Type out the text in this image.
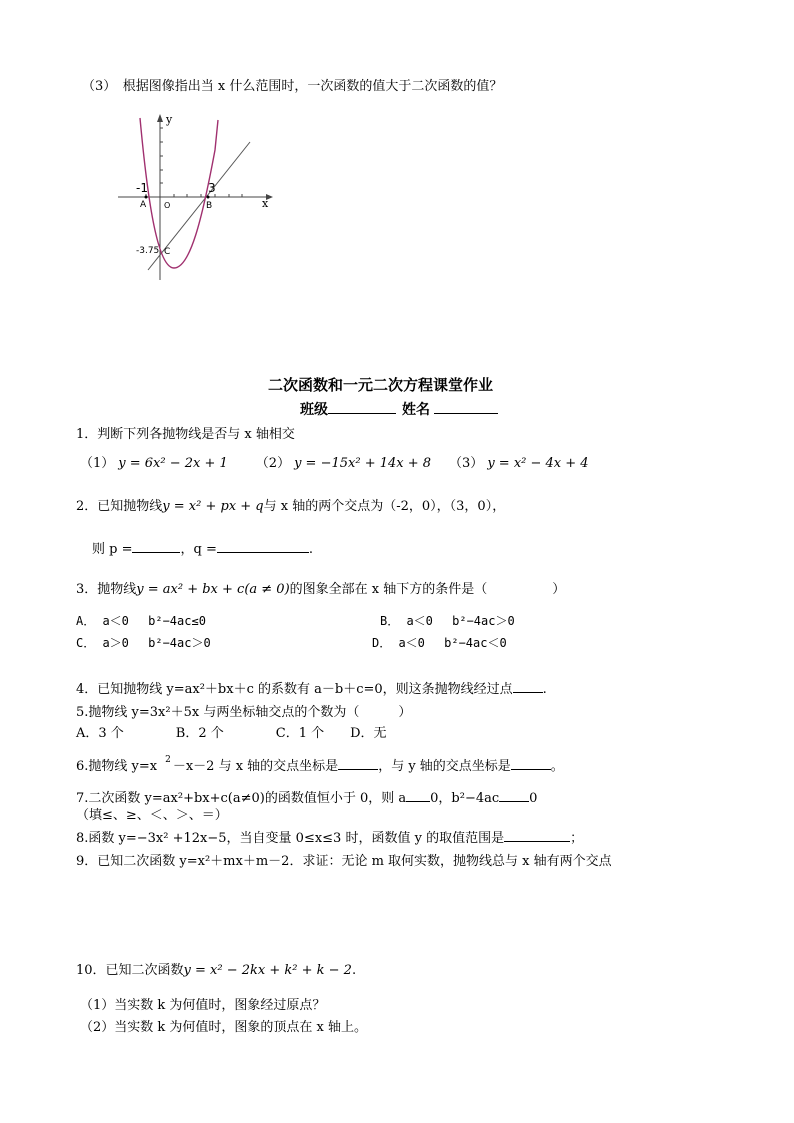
（3）　根据图像指出当 x 什么范围时，一次函数的值大于二次函数的值？
y
x
O
-1	3
A	B
-3.75 C
二次函数和一元二次方程课堂作业
班级	姓名
1．判断下列各抛物线是否与 x 轴相交
（1） y = 6x² − 2x + 1 （2） y = −15x² + 14x + 8 （3） y = x² − 4x + 4
2．已知抛物线y = x² + px + q与 x 轴的两个交点为（-2，0），（3，0），
则 p =	，q =	.
3．抛物线y = ax² + bx + c(a ≠ 0)的图象全部在 x 轴下方的条件是（　　　　　）
A． a＜0　 b²−4ac≤0	B． a＜0　 b²−4ac＞0
C． a＞0　 b²−4ac＞0	D． a＜0　 b²−4ac＜0
4．已知抛物线 y=ax²＋bx＋c 的系数有 a－b＋c=0，则这条抛物线经过点 .
5.抛物线 y=3x²＋5x 与两坐标轴交点的个数为（　　　）
A．3 个　　　　B．2 个　　　　C．1 个　　D．无
6.抛物线 y=x $^2$ －x－2 与 x 轴的交点坐标是	，与 y 轴的交点坐标是	。
7.二次函数 y=ax²+bx+c(a≠0)的函数值恒小于 0，则 a 0，b²−4ac 0
（填≤、≥、＜、＞、＝）
8.函数 y=−3x² +12x−5，当自变量 0≤x≤3 时，函数值 y 的取值范围是	；
9．已知二次函数 y=x²＋mx＋m－2．求证：无论 m 取何实数，抛物线总与 x 轴有两个交点
10．已知二次函数y = x² − 2kx + k² + k − 2.
（1）当实数 k 为何值时，图象经过原点？
（2）当实数 k 为何值时，图象的顶点在 x 轴上。
